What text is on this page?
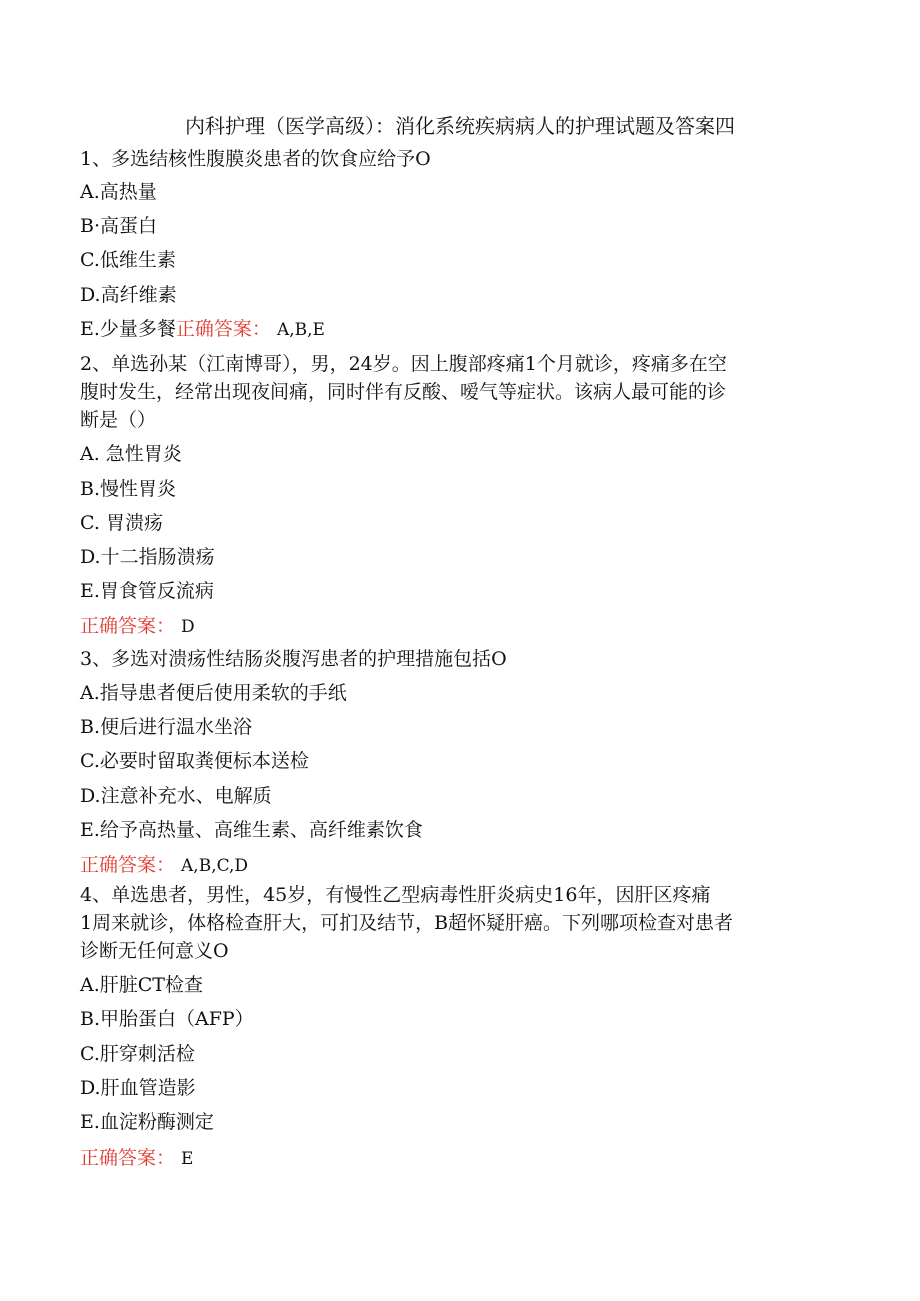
内科护理（医学高级）：消化系统疾病病人的护理试题及答案四
1、多选结核性腹膜炎患者的饮食应给予O
A.高热量
B·高蛋白
C.低维生素
D.高纤维素
E.少量多餐正确答案： A,B,E
2、单选孙某（江南博哥），男，24岁。因上腹部疼痛1个月就诊，疼痛多在空
腹时发生，经常出现夜间痛，同时伴有反酸、嗳气等症状。该病人最可能的诊
断是（）
A. 急性胃炎
B.慢性胃炎
C. 胃溃疡
D.十二指肠溃疡
E.胃食管反流病
正确答案： D
3、多选对溃疡性结肠炎腹泻患者的护理措施包括O
A.指导患者便后使用柔软的手纸
B.便后进行温水坐浴
C.必要时留取粪便标本送检
D.注意补充水、电解质
E.给予高热量、高维生素、高纤维素饮食
正确答案： A,B,C,D
4、单选患者，男性，45岁，有慢性乙型病毒性肝炎病史16年，因肝区疼痛
1周来就诊，体格检查肝大，可扪及结节，B超怀疑肝癌。下列哪项检查对患者
诊断无任何意义O
A.肝脏CT检查
B.甲胎蛋白（AFP）
C.肝穿刺活检
D.肝血管造影
E.血淀粉酶测定
正确答案： E
